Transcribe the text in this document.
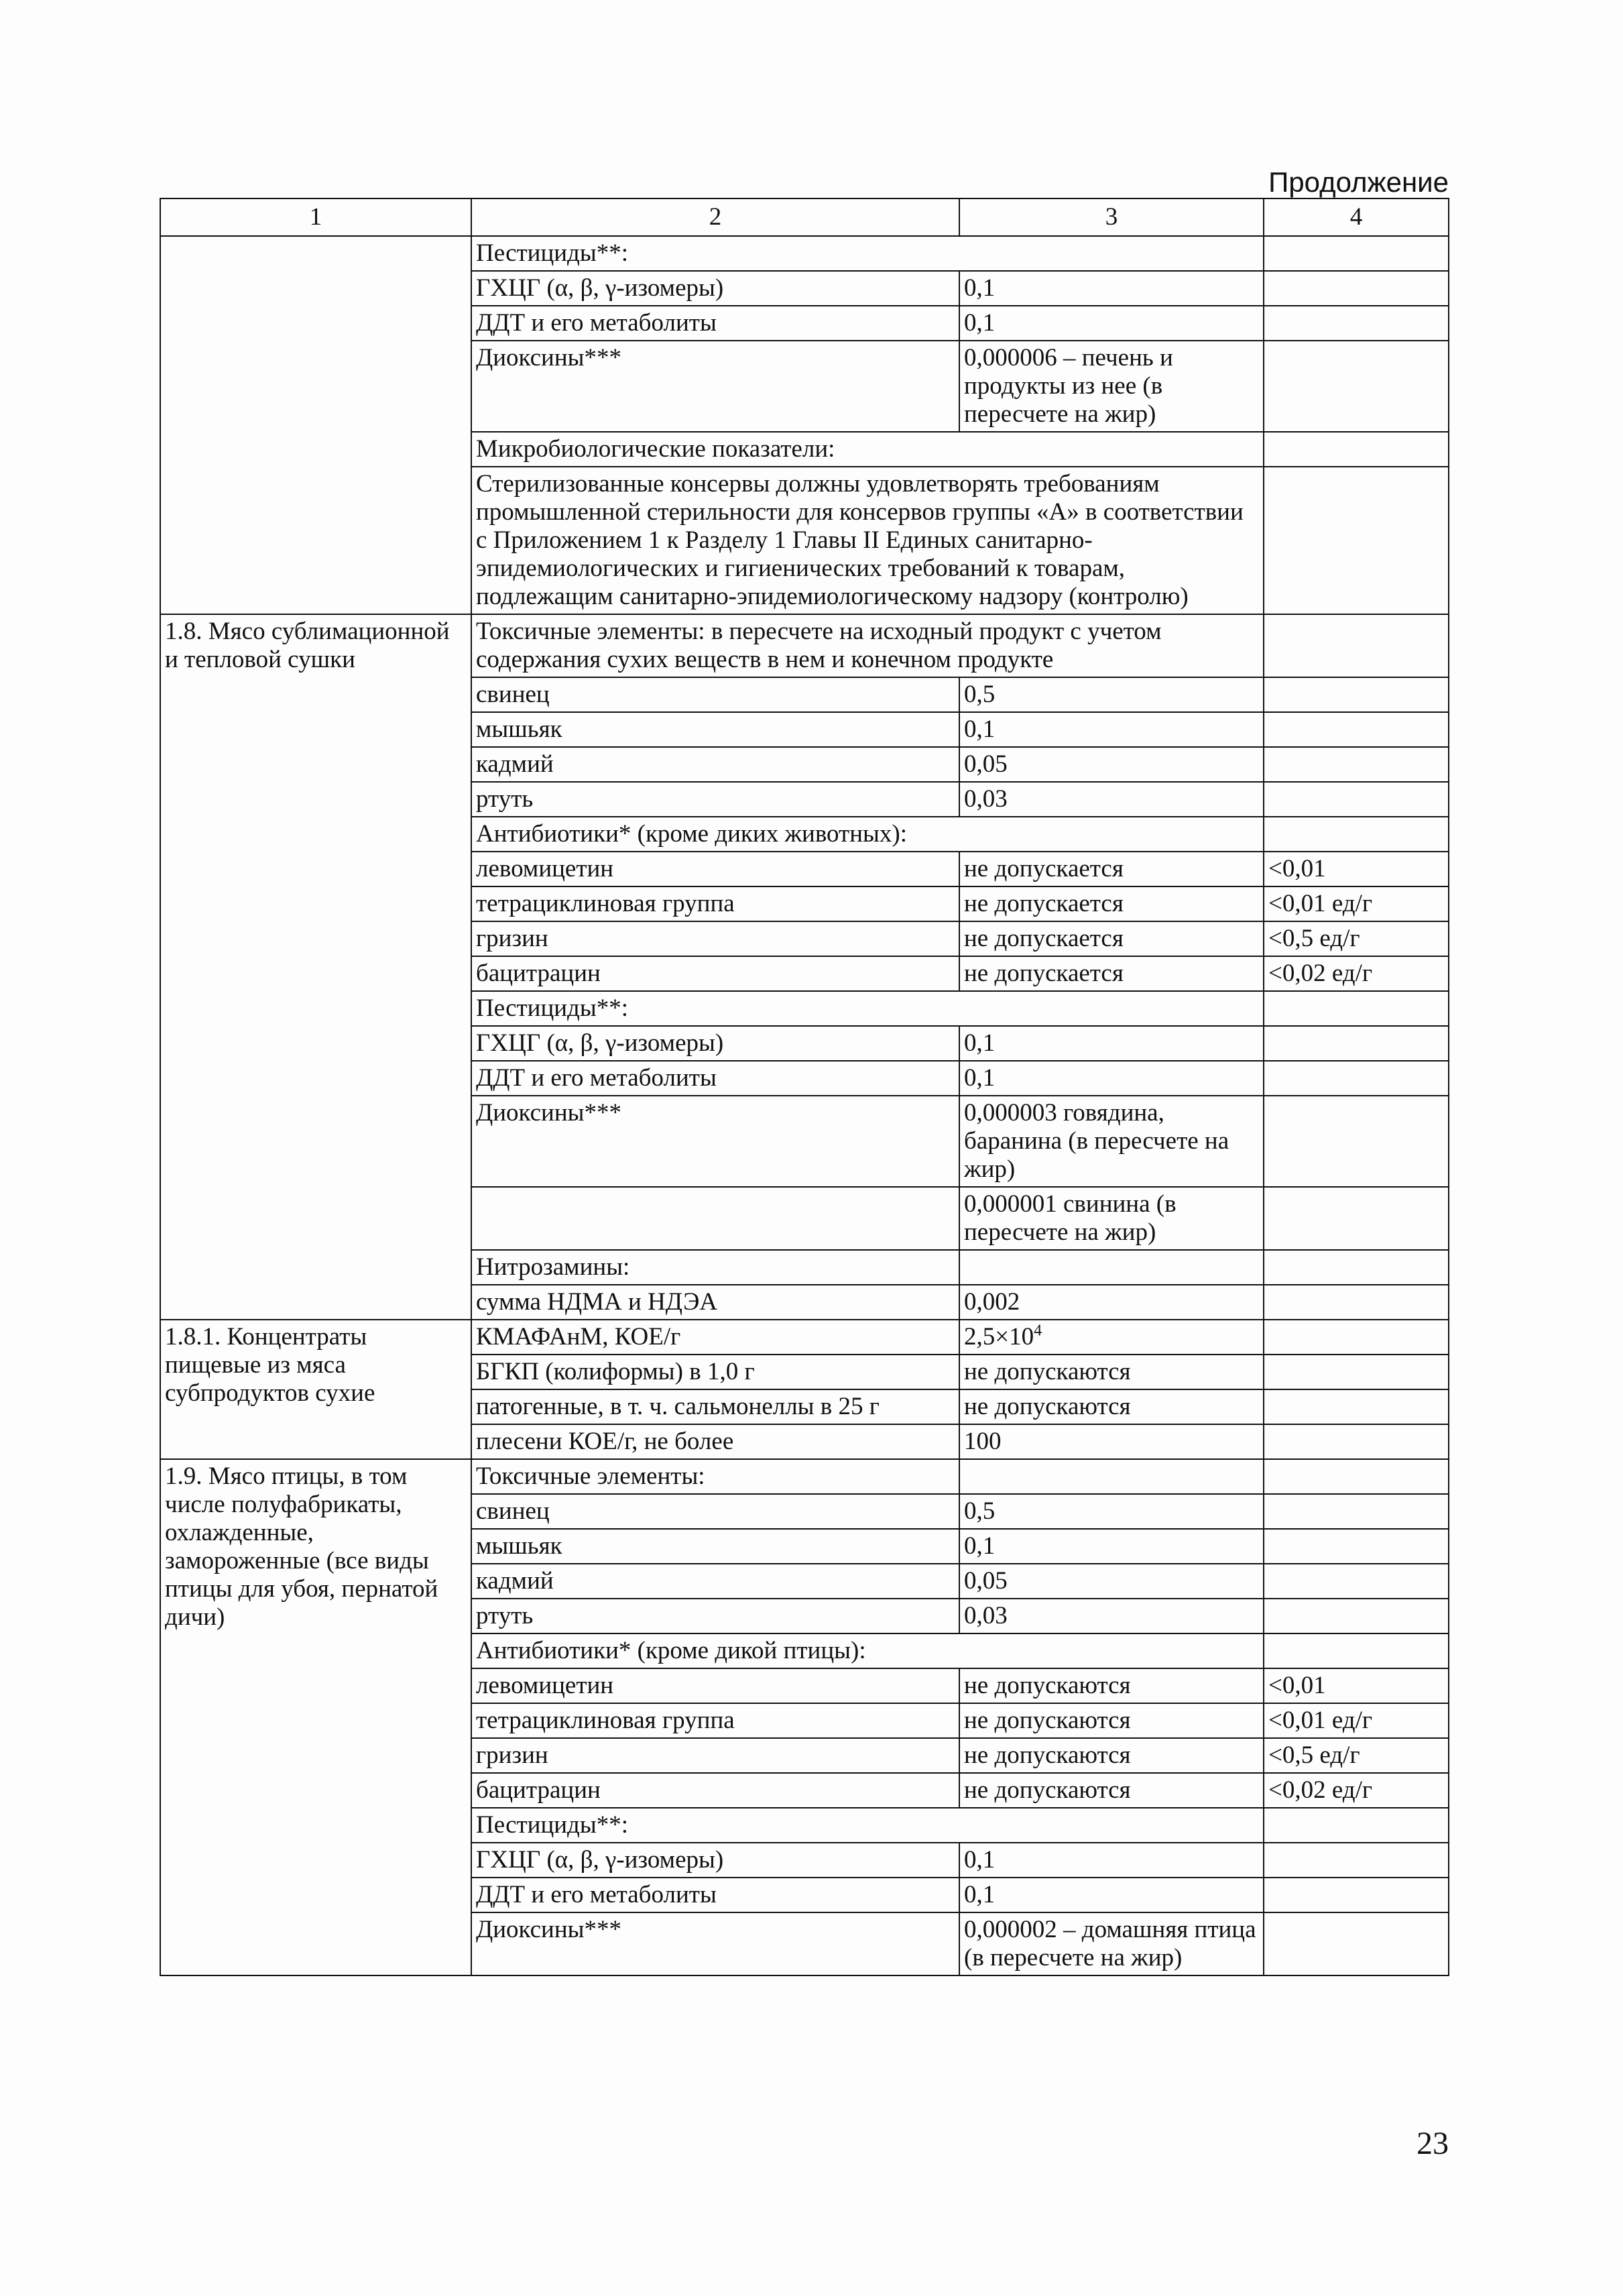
Продолжение
1	2	3	4
	Пестициды**:		
	ГХЦГ (α, β, γ-изомеры)	0,1	
	ДДТ и его метаболиты	0,1	
	Диоксины***	0,000006 – печень и продукты из нее (в пересчете на жир)	
	Микробиологические показатели:		
	Стерилизованные консервы должны удовлетворять требованиям промышленной стерильности для консервов группы «А» в соответствии с Приложением 1 к Разделу 1 Главы II Единых санитарно-эпидемиологических и гигиенических требований к товарам, подлежащим санитарно-эпидемиологическому надзору (контролю)		
1.8. Мясо сублимационной и тепловой сушки	Токсичные элементы: в пересчете на исходный продукт с учетом содержания сухих веществ в нем и конечном продукте		
	свинец	0,5	
	мышьяк	0,1	
	кадмий	0,05	
	ртуть	0,03	
	Антибиотики* (кроме диких животных):		
	левомицетин	не допускается	<0,01
	тетрациклиновая группа	не допускается	<0,01 ед/г
	гризин	не допускается	<0,5 ед/г
	бацитрацин	не допускается	<0,02 ед/г
	Пестициды**:		
	ГХЦГ (α, β, γ-изомеры)	0,1	
	ДДТ и его метаболиты	0,1	
	Диоксины***	0,000003 говядина, баранина (в пересчете на жир)	
		0,000001 свинина (в пересчете на жир)	
	Нитрозамины:		
	сумма НДМА и НДЭА	0,002	
1.8.1. Концентраты пищевые из мяса субпродуктов сухие	КМАФАнМ, КОЕ/г	$2,5\times 10^4$	
	БГКП (колиформы) в 1,0 г	не допускаются	
	патогенные, в т. ч. сальмонеллы в 25 г	не допускаются	
	плесени КОЕ/г, не более	100	
1.9. Мясо птицы, в том числе полуфабрикаты, охлажденные, замороженные (все виды птицы для убоя, пернатой дичи)	Токсичные элементы:		
	свинец	0,5	
	мышьяк	0,1	
	кадмий	0,05	
	ртуть	0,03	
	Антибиотики* (кроме дикой птицы):		
	левомицетин	не допускаются	<0,01
	тетрациклиновая группа	не допускаются	<0,01 ед/г
	гризин	не допускаются	<0,5 ед/г
	бацитрацин	не допускаются	<0,02 ед/г
	Пестициды**:		
	ГХЦГ (α, β, γ-изомеры)	0,1	
	ДДТ и его метаболиты	0,1	
	Диоксины***	0,000002 – домашняя птица (в пересчете на жир)	
23
